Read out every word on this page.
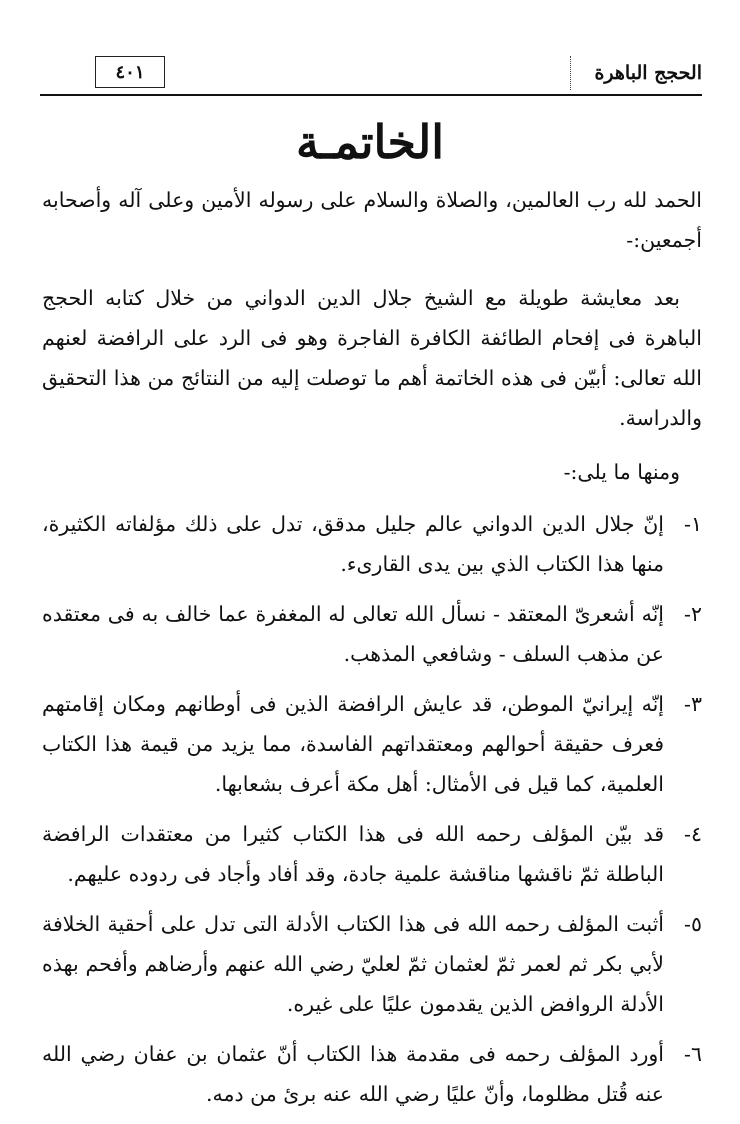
الحجج الباهرة
٤٠١
الخاتمـة

الحمد لله رب العالمين، والصلاة والسلام على رسوله الأمين وعلى آله وأصحابه أجمعين:-

بعد معايشة طويلة مع الشيخ جلال الدين الدواني من خلال كتابه الحجج الباهرة فى إفحام الطائفة الكافرة الفاجرة وهو فى الرد على الرافضة لعنهم الله تعالى: أبيّن فى هذه الخاتمة أهم ما توصلت إليه من النتائج من هذا التحقيق والدراسة.

ومنها ما يلى:-

١-
إنّ جلال الدين الدواني عالم جليل مدقق، تدل على ذلك مؤلفاته الكثيرة، منها هذا الكتاب الذي بين يدى القارىء.
٢-
إنّه أشعرىّ المعتقد - نسأل الله تعالى له المغفرة عما خالف به فى معتقده عن مذهب السلف - وشافعي المذهب.
٣-
إنّه إيرانيّ الموطن، قد عايش الرافضة الذين فى أوطانهم ومكان إقامتهم فعرف حقيقة أحوالهم ومعتقداتهم الفاسدة، مما يزيد من قيمة هذا الكتاب العلمية، كما قيل فى الأمثال: أهل مكة أعرف بشعابها.
٤-
قد بيّن المؤلف رحمه الله فى هذا الكتاب كثيرا من معتقدات الرافضة الباطلة ثمّ ناقشها مناقشة علمية جادة، وقد أفاد وأجاد فى ردوده عليهم.
٥-
أثبت المؤلف رحمه الله فى هذا الكتاب الأدلة التى تدل على أحقية الخلافة لأبي بكر ثم لعمر ثمّ لعثمان ثمّ لعليّ رضي الله عنهم وأرضاهم وأفحم بهذه الأدلة الروافض الذين يقدمون عليًا على غيره.
٦-
أورد المؤلف رحمه فى مقدمة هذا الكتاب أنّ عثمان بن عفان رضي الله عنه قُتل مظلوما، وأنّ عليًا رضي الله عنه برئ من دمه.
